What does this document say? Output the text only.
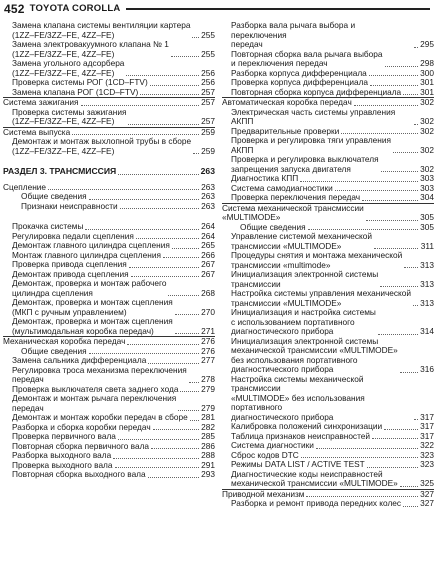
452 TOYOTA COROLLA
Замена клапана системы вентиляции картера
(1ZZ–FE/3ZZ–FE, 4ZZ–FE)	255
Замена электровакуумного клапана № 1
(1ZZ–FE/3ZZ–FE, 4ZZ–FE)	255
Замена угольного адсорбера
(1ZZ–FE/3ZZ–FE, 4ZZ–FE)	256
Проверка системы РОГ (1CD–FTV)	256
Замена клапана РОГ (1CD–FTV)	257
Система зажигания	257
Проверка системы зажигания
(1ZZ–FE/3ZZ–FE, 4ZZ–FE)	257
Система выпуска	259
Демонтаж и монтаж выхлопной трубы в сборе
(1ZZ–FE/3ZZ–FE, 4ZZ–FE)	259
РАЗДЕЛ 3. ТРАНСМИССИЯ	263
Сцепление	263
Общие сведения	263
Признаки неисправности	263
Прокачка системы	264
Регулировка педали сцепления	264
Демонтаж главного цилиндра сцепления	265
Монтаж главного цилиндра сцепления	266
Проверка привода сцепления	267
Демонтаж привода сцепления	267
Демонтаж, проверка и монтаж рабочего
цилиндра сцепления	268
Демонтаж, проверка и монтаж сцепления
(МКП с ручным управлением)	270
Демонтаж, проверка и монтаж сцепления
(мультимодальная коробка передач)	271
Механическая коробка передач	276
Общие сведения	276
Замена сальника дифференциала	277
Регулировка троса механизма переключения
передач	278
Проверка выключателя света заднего хода	279
Демонтаж и монтаж рычага переключения
передач	279
Демонтаж и монтаж коробки передач в сборе 281
Разборка и сборка коробки передач	282
Проверка первичного вала	285
Повторная сборка первичного вала	286
Разборка выходного вала	288
Проверка выходного вала	291
Повторная сборка выходного вала	293
Разборка вала рычага выбора и переключения
передач	295
Повторная сборка вала рычага выбора
и переключения передач	298
Разборка корпуса дифференциала	300
Проверка корпуса дифференциала	301
Повторная сборка корпуса дифференциала 301
Автоматическая коробка передач	302
Электрическая часть системы управления АКПП	302
Предварительные проверки	302
Проверка и регулировка тяги управления
АКПП	302
Проверка и регулировка выключателя
запрещения запуска двигателя	302
Диагностика КПП	303
Система самодиагностики	303
Проверка переключения передач	304
Система механической трансмиссии
«MULTIMODE»	305
Общие сведения	305
Управление системой механической
трансмиссии «MULTIMODE»	311
Процедуры снятия и монтажа механической
трансмиссии «multimode»	313
Инициализация электронной системы
трансмиссии	313
Настройка системы управления механической
трансмиссии «MULTIMODE»	313
Инициализация и настройка системы
с использованием портативного
диагностического прибора	314
Инициализация электронной системы
механической трансмиссии «MULTIMODE»
без использования портативного
диагностического прибора	316
Настройка системы механической трансмиссии
«MULTIMODE» без использования портативного
диагностического прибора	317
Калибровка положений синхронизации	317
Таблица признаков неисправностей	317
Система диагностики	322
Сброс кодов DTC	323
Режимы DATA LIST / ACTIVE TEST	323
Диагностические коды неисправностей
механической трансмиссии «MULTIMODE»	325
Приводной механизм	327
Разборка и ремонт привода передних колес 327
